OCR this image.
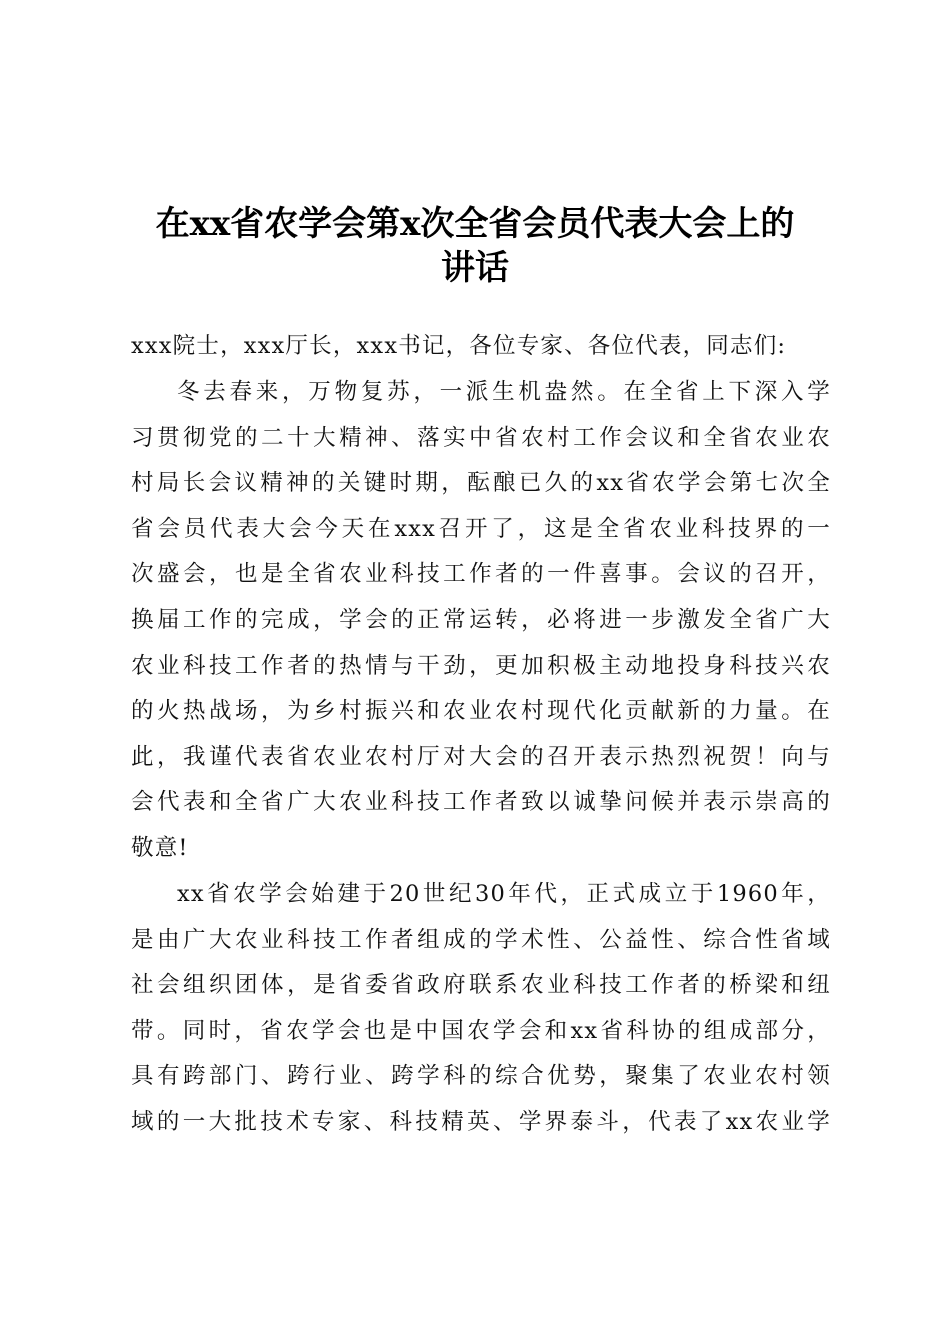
在xx省农学会第x次全省会员代表大会上的
讲话
xxx院士，xxx厅长，xxx书记，各位专家、各位代表，同志们:
冬去春来，万物复苏，一派生机盎然。在全省上下深入学
习贯彻党的二十大精神、落实中省农村工作会议和全省农业农
村局长会议精神的关键时期，酝酿已久的xx省农学会第七次全
省会员代表大会今天在xxx召开了，这是全省农业科技界的一
次盛会，也是全省农业科技工作者的一件喜事。会议的召开，
换届工作的完成，学会的正常运转，必将进一步激发全省广大
农业科技工作者的热情与干劲，更加积极主动地投身科技兴农
的火热战场，为乡村振兴和农业农村现代化贡献新的力量。在
此，我谨代表省农业农村厅对大会的召开表示热烈祝贺！向与
会代表和全省广大农业科技工作者致以诚挚问候并表示崇高的
敬意!
xx省农学会始建于20世纪30年代，正式成立于1960年，
是由广大农业科技工作者组成的学术性、公益性、综合性省域
社会组织团体，是省委省政府联系农业科技工作者的桥梁和纽
带。同时，省农学会也是中国农学会和xx省科协的组成部分，
具有跨部门、跨行业、跨学科的综合优势，聚集了农业农村领
域的一大批技术专家、科技精英、学界泰斗，代表了xx农业学
